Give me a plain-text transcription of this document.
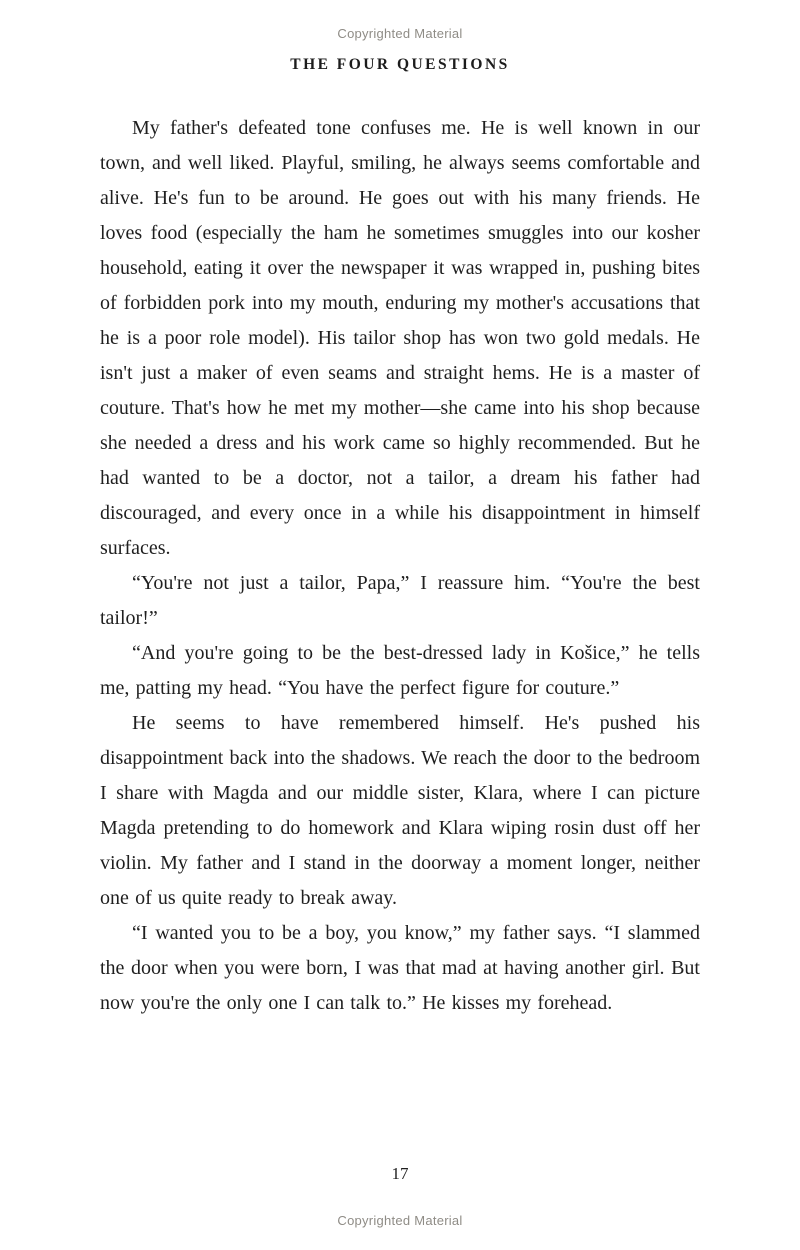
Copyrighted Material
THE FOUR QUESTIONS

My father's defeated tone confuses me. He is well known in our town, and well liked. Playful, smiling, he always seems comfortable and alive. He's fun to be around. He goes out with his many friends. He loves food (especially the ham he sometimes smuggles into our kosher household, eating it over the newspaper it was wrapped in, pushing bites of forbidden pork into my mouth, enduring my mother's accusations that he is a poor role model). His tailor shop has won two gold medals. He isn't just a maker of even seams and straight hems. He is a master of couture. That's how he met my mother—she came into his shop because she needed a dress and his work came so highly recommended. But he had wanted to be a doctor, not a tailor, a dream his father had discouraged, and every once in a while his disappointment in himself surfaces.

“You're not just a tailor, Papa,” I reassure him. “You're the best tailor!”

“And you're going to be the best-dressed lady in Košice,” he tells me, patting my head. “You have the perfect figure for couture.”

He seems to have remembered himself. He's pushed his disappointment back into the shadows. We reach the door to the bedroom I share with Magda and our middle sister, Klara, where I can picture Magda pretending to do homework and Klara wiping rosin dust off her violin. My father and I stand in the doorway a moment longer, neither one of us quite ready to break away.

“I wanted you to be a boy, you know,” my father says. “I slammed the door when you were born, I was that mad at having another girl. But now you're the only one I can talk to.” He kisses my forehead.

17
Copyrighted Material
